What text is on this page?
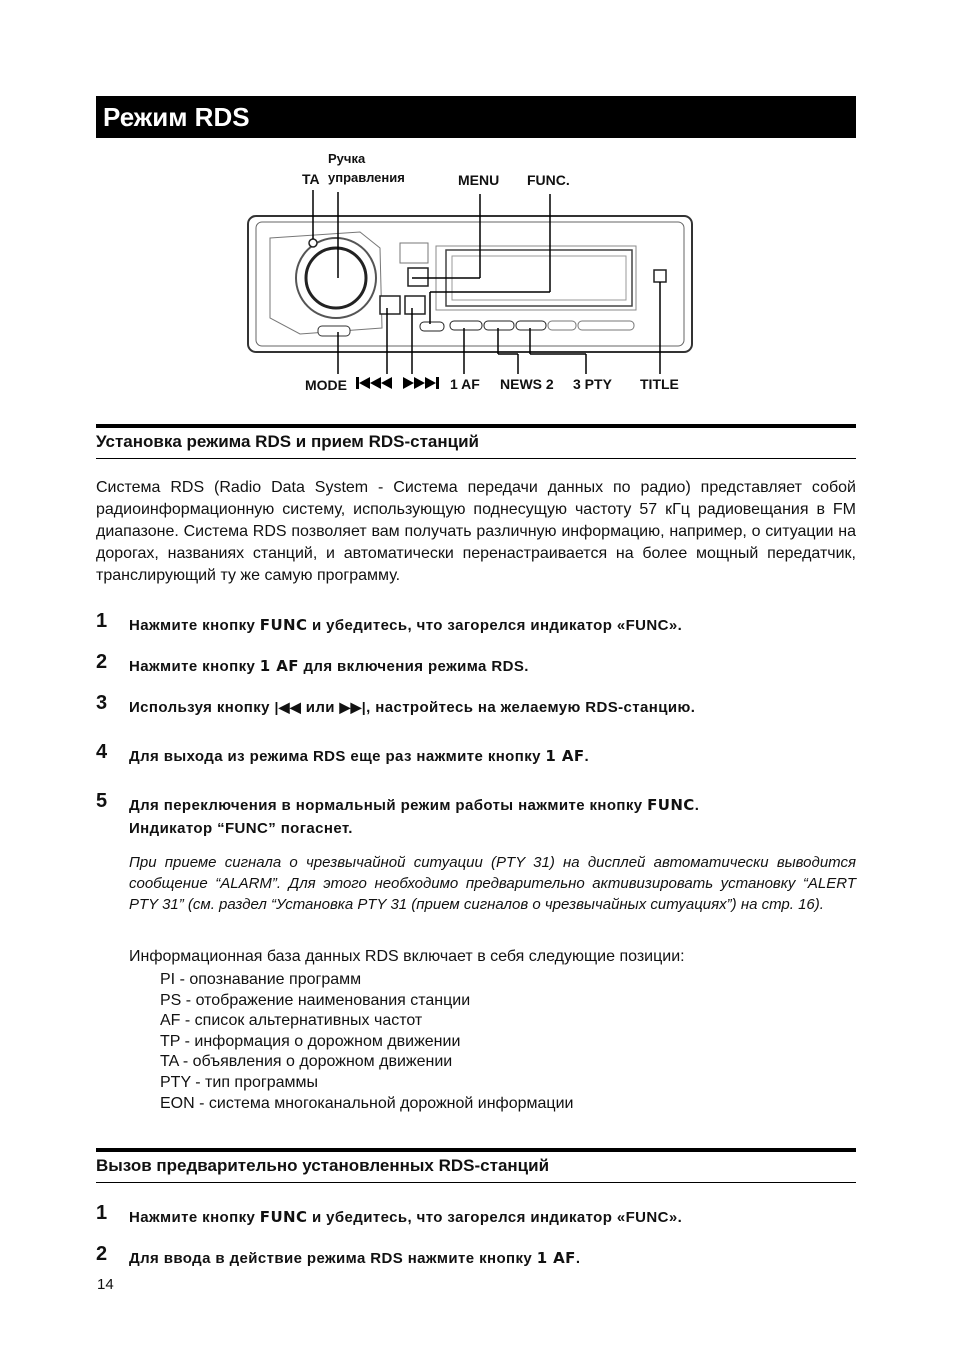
Режим RDS
TA
Ручка
управления	MENU FUNC.
MODE	1 AF NEWS 2 3 PTY TITLE
Установка режима RDS и прием RDS-станций
Система RDS (Radio Data System - Система передачи данных по радио) представляет собой радиоинформационную систему, использующую поднесущую частоту 57 кГц радиовещания в FM диапазоне. Система RDS позволяет вам получать различную информацию, например, о ситуации на дорогах, названиях станций, и автоматически перенастраивается на более мощный передатчик, транслирующий ту же самую программу.
1 Нажмите кнопку FUNC и убедитесь, что загорелся индикатор «FUNC».
2 Нажмите кнопку 1 AF для включения режима RDS.
3 Используя кнопку |◀◀ или ▶▶|, настройтесь на желаемую RDS-станцию.
4 Для выхода из режима RDS еще раз нажмите кнопку 1 AF.
5 Для переключения в нормальный режим работы нажмите кнопку FUNC.
Индикатор “FUNC” погаснет.
При приеме сигнала о чрезвычайной ситуации (PTY 31) на дисплей автоматически выводится сообщение “ALARM”. Для этого необходимо предварительно активизировать установку “ALERT PTY 31” (см. раздел “Установка PTY 31 (прием сигналов о чрезвычайных ситуациях”) на стр. 16).
Информационная база данных RDS включает в себя следующие позиции:
PI - опознавание программ
PS - отображение наименования станции
AF - список альтернативных частот
TP - информация о дорожном движении
TA - объявления о дорожном движении
PTY - тип программы
EON - система многоканальной дорожной информации
Вызов предварительно установленных RDS-станций
1 Нажмите кнопку FUNC и убедитесь, что загорелся индикатор «FUNC».
2 Для ввода в действие режима RDS нажмите кнопку 1 AF.
14
